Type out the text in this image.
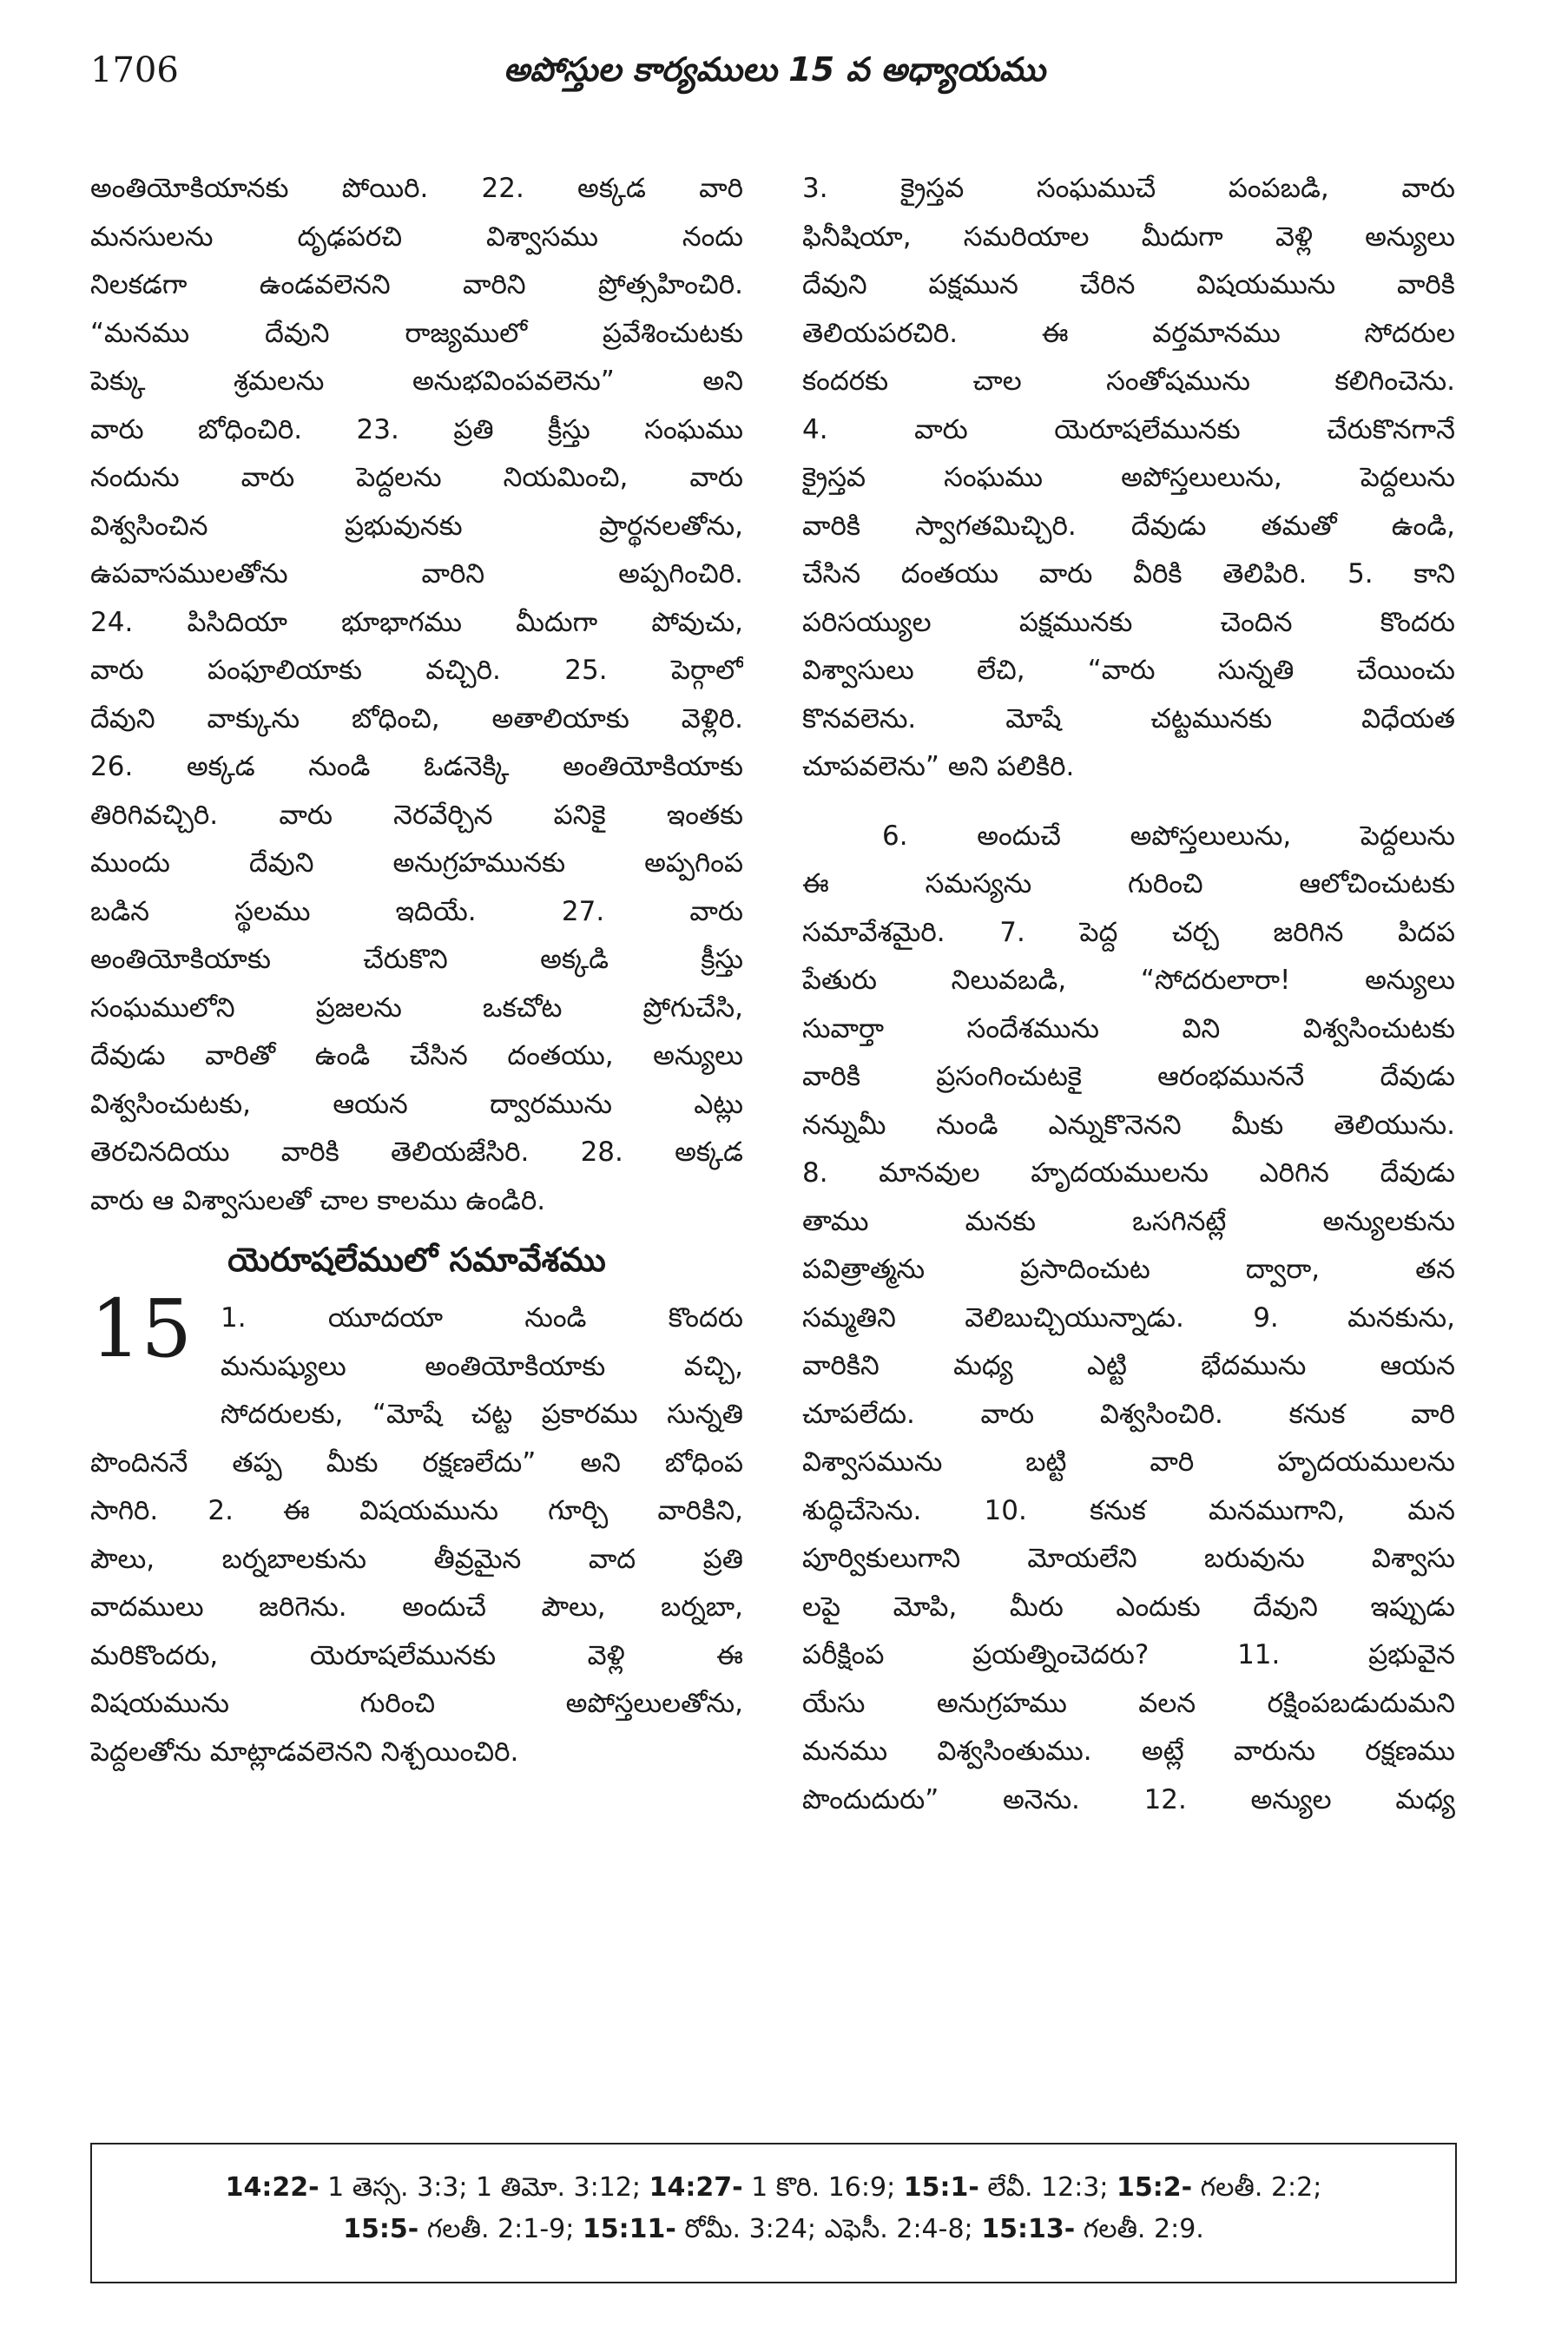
1706	అపోస్తుల కార్యములు 15 వ అధ్యాయము
అంతియోకియానకు పోయిరి. 22. అక్కడ వారి
మనసులను దృఢపరచి విశ్వాసము నందు
నిలకడగా ఉండవలెనని వారిని ప్రోత్సహించిరి.
“మనము దేవుని రాజ్యములో ప్రవేశించుటకు
పెక్కు శ్రమలను అనుభవింపవలెను” అని
వారు బోధించిరి. 23. ప్రతి క్రీస్తు సంఘము
నందును వారు పెద్దలను నియమించి, వారు
విశ్వసించిన ప్రభువునకు ప్రార్థనలతోను,
ఉపవాసములతోను వారిని అప్పగించిరి.
24. పిసిదియా భూభాగము మీదుగా పోవుచు,
వారు పంఫూలియాకు వచ్చిరి. 25. పెర్గాలో
దేవుని వాక్కును బోధించి, అతాలియాకు వెళ్లిరి.
26. అక్కడ నుండి ఓడనెక్కి అంతియోకియాకు
తిరిగివచ్చిరి. వారు నెరవేర్చిన పనికై ఇంతకు
ముందు దేవుని అనుగ్రహమునకు అప్పగింప
బడిన స్థలము ఇదియే. 27. వారు
అంతియోకియాకు చేరుకొని అక్కడి క్రీస్తు
సంఘములోని ప్రజలను ఒకచోట ప్రోగుచేసి,
దేవుడు వారితో ఉండి చేసిన దంతయు, అన్యులు
విశ్వసించుటకు, ఆయన ద్వారమును ఎట్లు
తెరచినదియు వారికి తెలియజేసిరి. 28. అక్కడ
వారు ఆ విశ్వాసులతో చాల కాలము ఉండిరి.
యెరూషలేములో సమావేశము
15	1. యూదయా నుండి కొందరు
మనుష్యులు అంతియోకియాకు వచ్చి,
సోదరులకు, “మోషే చట్ట ప్రకారము సున్నతి
పొందిననే తప్ప మీకు రక్షణలేదు” అని బోధింప
సాగిరి. 2. ఈ విషయమును గూర్చి వారికిని,
పౌలు, బర్నబాలకును తీవ్రమైన వాద ప్రతి
వాదములు జరిగెను. అందుచే పౌలు, బర్నబా,
మరికొందరు, యెరూషలేమునకు వెళ్లి ఈ
విషయమును గురించి అపోస్తలులతోను,
పెద్దలతోను మాట్లాడవలెనని నిశ్చయించిరి.
3. క్రైస్తవ సంఘముచే పంపబడి, వారు
ఫినీషియా, సమరియాల మీదుగా వెళ్లి అన్యులు
దేవుని పక్షమున చేరిన విషయమును వారికి
తెలియపరచిరి. ఈ వర్తమానము సోదరుల
కందరకు చాల సంతోషమును కలిగించెను.
4. వారు యెరూషలేమునకు చేరుకొనగానే
క్రైస్తవ సంఘము అపోస్తలులును, పెద్దలును
వారికి స్వాగతమిచ్చిరి. దేవుడు తమతో ఉండి,
చేసిన దంతయు వారు వీరికి తెలిపిరి. 5. కాని
పరిసయ్యుల పక్షమునకు చెందిన కొందరు
విశ్వాసులు లేచి, “వారు సున్నతి చేయించు
కొనవలెను. మోషే చట్టమునకు విధేయత
చూపవలెను” అని పలికిరి.
6. అందుచే అపోస్తలులును, పెద్దలును
ఈ సమస్యను గురించి ఆలోచించుటకు
సమావేశమైరి. 7. పెద్ద చర్చ జరిగిన పిదప
పేతురు నిలువబడి, “సోదరులారా! అన్యులు
సువార్తా సందేశమును విని విశ్వసించుటకు
వారికి ప్రసంగించుటకై ఆరంభముననే దేవుడు
నన్నుమీ నుండి ఎన్నుకొనెనని మీకు తెలియును.
8. మానవుల హృదయములను ఎరిగిన దేవుడు
తాము మనకు ఒసగినట్లే అన్యులకును
పవిత్రాత్మను ప్రసాదించుట ద్వారా, తన
సమ్మతిని వెలిబుచ్చియున్నాడు. 9. మనకును,
వారికిని మధ్య ఎట్టి భేదమును ఆయన
చూపలేదు. వారు విశ్వసించిరి. కనుక వారి
విశ్వాసమును బట్టి వారి హృదయములను
శుద్ధిచేసెను. 10. కనుక మనముగాని, మన
పూర్వికులుగాని మోయలేని బరువును విశ్వాసు
లపై మోపి, మీరు ఎందుకు దేవుని ఇప్పుడు
పరీక్షింప ప్రయత్నించెదరు? 11. ప్రభువైన
యేసు అనుగ్రహము వలన రక్షింపబడుదుమని
మనము విశ్వసింతుము. అట్లే వారును రక్షణము
పొందుదురు” అనెను. 12. అన్యుల మధ్య
14:22- 1 తెస్స. 3:3; 1 తిమో. 3:12; 14:27- 1 కొరి. 16:9; 15:1- లేవీ. 12:3; 15:2- గలతీ. 2:2;
15:5- గలతీ. 2:1-9; 15:11- రోమీ. 3:24; ఎఫెసీ. 2:4-8; 15:13- గలతీ. 2:9.
